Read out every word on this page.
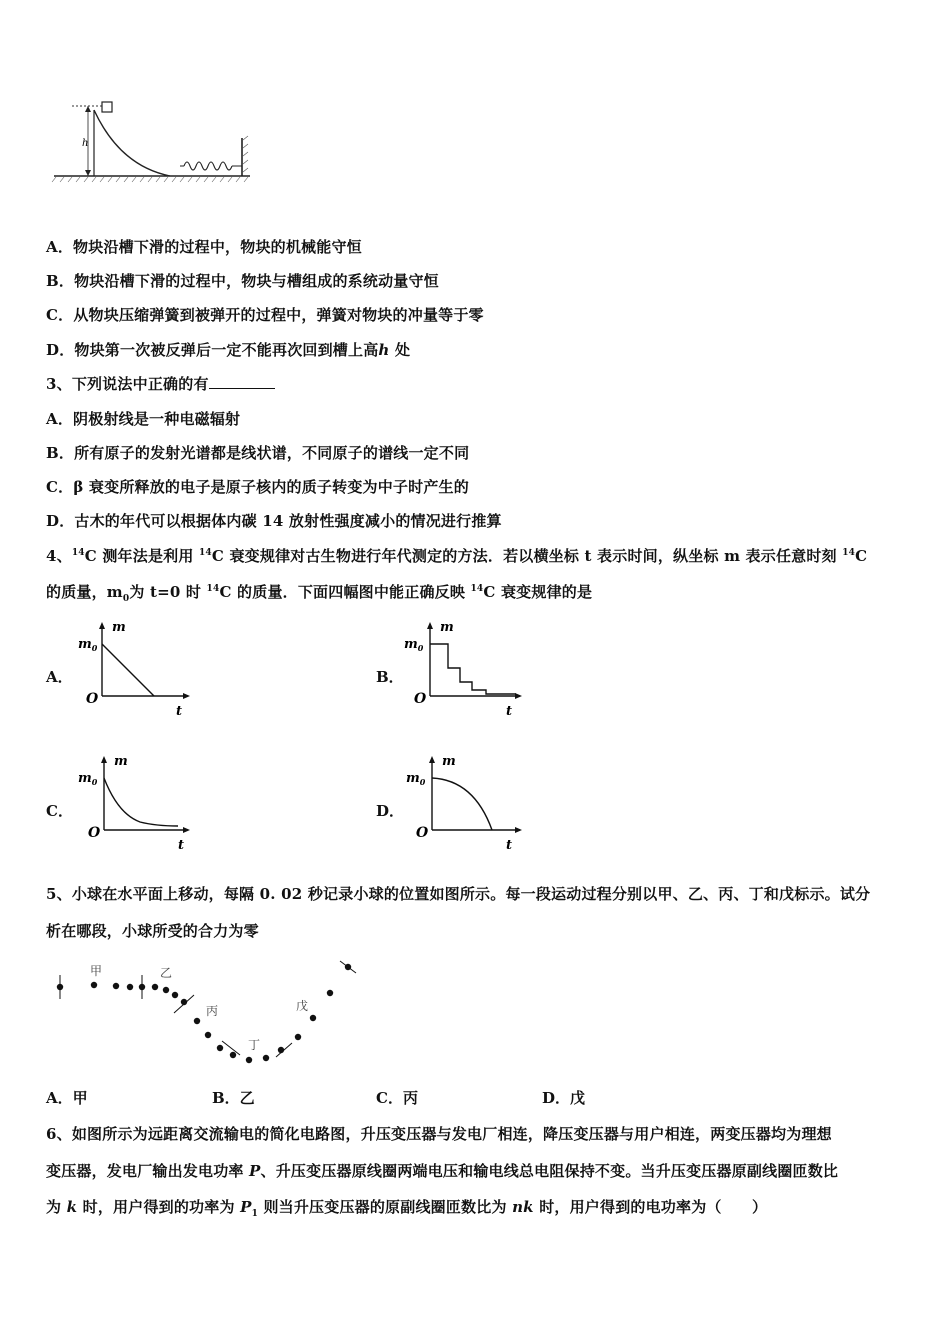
h
A．物块沿槽下滑的过程中，物块的机械能守恒
B．物块沿槽下滑的过程中，物块与槽组成的系统动量守恒
C．从物块压缩弹簧到被弹开的过程中，弹簧对物块的冲量等于零
D．物块第一次被反弹后一定不能再次回到槽上高h 处
3、下列说法中正确的有
A．阴极射线是一种电磁辐射
B．所有原子的发射光谱都是线状谱，不同原子的谱线一定不同
C．β 衰变所释放的电子是原子核内的质子转变为中子时产生的
D．古木的年代可以根据体内碳 14 放射性强度减小的情况进行推算
4、$^{14}$C 测年法是利用 $^{14}$C 衰变规律对古生物进行年代测定的方法．若以横坐标 t 表示时间，纵坐标 m 表示任意时刻 $^{14}$C
的质量，$m_0$为 t=0 时 $^{14}$C 的质量．下面四幅图中能正确反映 $^{14}$C 衰变规律的是
A．
m
$m_0$
O
t
B．
m
$m_0$
O
t
C．
m
$m_0$
O
t
D．
m
$m_0$
O
t
5、小球在水平面上移动，每隔 0. 02 秒记录小球的位置如图所示。每一段运动过程分别以甲、乙、丙、丁和戊标示。试分
析在哪段，小球所受的合力为零
甲	乙
丙
丁
戊
A．甲	B．乙	C．丙	D．戊
6、如图所示为远距离交流输电的简化电路图，升压变压器与发电厂相连，降压变压器与用户相连，两变压器均为理想
变压器，发电厂输出发电功率 P、升压变压器原线圈两端电压和输电线总电阻保持不变。当升压变压器原副线圈匝数比
为 k 时，用户得到的功率为 $P_1$ 则当升压变压器的原副线圈匝数比为 nk 时，用户得到的电功率为（　　）
